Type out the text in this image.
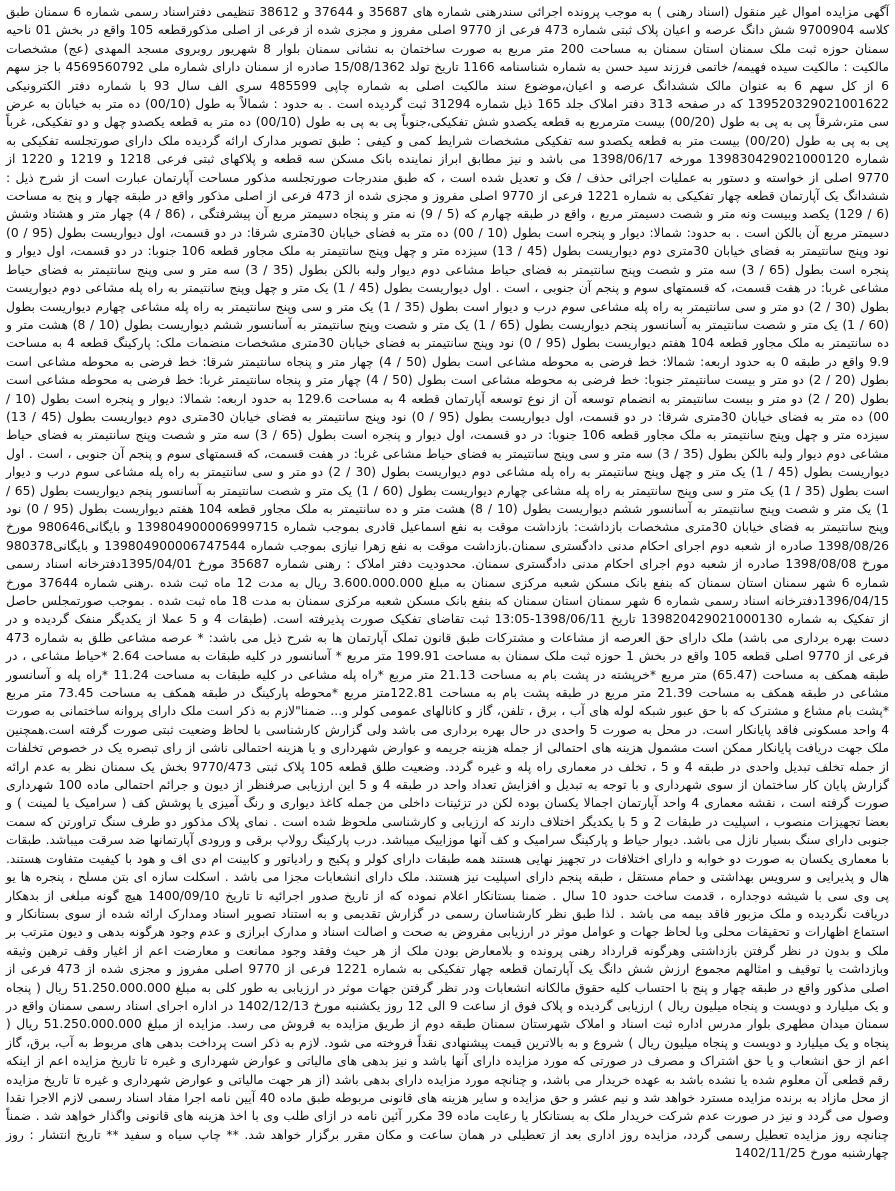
آگهی مزایده اموال غیر منقول (اسناد رهنی ) به موجب پرونده اجرائی سندرهنی شماره های 35687 و 37644 و 38612 تنظیمی دفتراسناد رسمی شماره 6 سمنان طبق کلاسه 9700904 شش دانگ عرصه و اعیان پلاک ثبتی شماره 473 فرعی از 9770 اصلی مفروز و مجزی شده از فرعی از اصلی مذکورقطعه 105 واقع در بخش 01 ناحیه سمنان حوزه ثبت ملک سمنان استان سمنان به مساحت 200 متر مربع به صورت ساختمان به نشانی سمنان بلوار 8 شهریور روبروی مسجد المهدی (عج) مشخصات مالکیت : مالکیت سیده فهیمه/ خاتمی فرزند سید حسن به شماره شناسنامه 1166 تاریخ تولد 15/08/1362 صادره از سمنان دارای شماره ملی 4569560792 با جز سهم 6 از کل سهم 6 به عنوان مالک ششدانگ عرصه و اعیان،موضوع سند مالکیت اصلی به شماره چاپی 485599 سری الف سال 93 با شماره دفتر الکترونیکی 139520329021001622 که در صفحه 313 دفتر املاک جلد 165 ذیل شماره 31294 ثبت گردیده است . به حدود : شمالاً به طول (00/10) ده متر به خیابان به عرض سی متر،شرقاً پی به پی به طول (00/20) بیست مترمربع به قطعه یکصدو شش تفکیکی،جنوباً پی به پی به طول (00/10) ده متر به قطعه یکصدو چهل و دو تفکیکی، غرباً پی به پی به طول (00/20) بیست متر به قطعه یکصدو سه تفکیکی مشخصات شرایط کمی و کیفی : طبق تصویر مدارک ارائه گردیده ملک دارای صورتجلسه تفکیکی به شماره 139830429021000120 مورخه 1398/06/17 می باشد و نیز مطابق ابراز نماینده بانک مسکن سه قطعه و پلاکهای ثبتی فرعی 1218 و 1219 و 1220 از 9770 اصلی از خواسته و دستور به عملیات اجرائی حذف / فک و تعدیل شده است ، که طبق مندرجات صورتجلسه مذکور مساحت آپارتمان عبارت است از شرح ذیل : ششدانگ یک آپارتمان قطعه چهار تفکیکی به شماره 1221 فرعی از 9770 اصلی مفروز و مجزی شده از 473 فرعی از اصلی مذکور واقع در طبقه چهار و پنج به مساحت (6 / 129) یکصد وبیست ونه متر و شصت دسیمتر مربع ، واقع در طبقه چهارم که (5 / 9) نه متر و پنجاه دسیمتر مربع آن پیشرفتگی ، (86 / 4) چهار متر و هشتاد وشش دسیمتر مربع آن بالکن است . به حدود: شمالا: دیوار و پنجره است بطول (10 / 00) ده متر به فضای خیابان 30متری شرقا: در دو قسمت، اول دیواریست بطول (95 / 0) نود وپنج سانتیمتر به فضای خیابان 30متری دوم دیواریست بطول (45 / 13) سیزده متر و چهل وپنج سانتیمتر به ملک مجاور قطعه 106 جنوبا: در دو قسمت، اول دیوار و پنجره است بطول (65 / 3) سه متر و شصت وپنج سانتیمتر به فضای حیاط مشاعی دوم دیوار ولبه بالکن بطول (35 / 3) سه متر و سی وپنج سانتیمتر به فضای حیاط مشاعی غربا: در هفت قسمت، که قسمتهای سوم و پنجم آن جنوبی ، است . اول دیواریست بطول (45 / 1) یک متر و چهل وپنج سانتیمتر به راه پله مشاعی دوم دیواریست بطول (30 / 2) دو متر و سی سانتیمتر به راه پله مشاعی سوم درب و دیوار است بطول (35 / 1) یک متر و سی وپنج سانتیمتر به راه پله مشاعی چهارم دیواریست بطول (60 / 1) یک متر و شصت سانتیمتر به آسانسور پنجم دیواریست بطول (65 / 1) یک متر و شصت وپنج سانتیمتر به آسانسور ششم دیواریست بطول (10 / 8) هشت متر و ده سانتیمتر به ملک مجاور قطعه 104 هفتم دیواریست بطول (95 / 0) نود وپنج سانتیمتر به فضای خیابان 30متری مشخصات منضمات ملک: پارکینگ قطعه 4 به مساحت 9.9 واقع در طبقه 0 به حدود اربعه: شمالا: خط فرضی به محوطه مشاعی است بطول (50 / 4) چهار متر و پنجاه سانتیمتر شرقا: خط فرضی به محوطه مشاعی است بطول (20 / 2) دو متر و بیست سانتیمتر جنوبا: خط فرضی به محوطه مشاعی است بطول (50 / 4) چهار متر و پنجاه سانتیمتر غربا: خط فرضی به محوطه مشاعی است بطول (20 / 2) دو متر و بیست سانتیمتر به انضمام توسعه آن از نوع توسعه آپارتمان قطعه 4 به مساحت 129.6 به حدود اربعه: شمالا: دیوار و پنجره است بطول (10 / 00) ده متر به فضای خیابان 30متری شرقا: در دو قسمت، اول دیواریست بطول (95 / 0) نود وپنج سانتیمتر به فضای خیابان 30متری دوم دیواریست بطول (45 / 13) سیزده متر و چهل وپنج سانتیمتر به ملک مجاور قطعه 106 جنوبا: در دو قسمت، اول دیوار و پنجره است بطول (65 / 3) سه متر و شصت وپنج سانتیمتر به فضای حیاط مشاعی دوم دیوار ولبه بالکن بطول (35 / 3) سه متر و سی وپنج سانتیمتر به فضای حیاط مشاعی غربا: در هفت قسمت، که قسمتهای سوم و پنجم آن جنوبی ، است . اول دیواریست بطول (45 / 1) یک متر و چهل وپنج سانتیمتر به راه پله مشاعی دوم دیواریست بطول (30 / 2) دو متر و سی سانتیمتر به راه پله مشاعی سوم درب و دیوار است بطول (35 / 1) یک متر و سی وپنج سانتیمتر به راه پله مشاعی چهارم دیواریست بطول (60 / 1) یک متر و شصت سانتیمتر به آسانسور پنجم دیواریست بطول (65 / 1) یک متر و شصت وپنج سانتیمتر به آسانسور ششم دیواریست بطول (10 / 8) هشت متر و ده سانتیمتر به ملک مجاور قطعه 104 هفتم دیواریست بطول (95 / 0) نود وپنج سانتیمتر به فضای خیابان 30متری مشخصات بازداشت: بازداشت موقت به نفع اسماعیل قادری بموجب شماره 139804900006999715 و بایگانی980646 مورخ 1398/08/26 صادره از شعبه دوم اجرای احکام مدنی دادگستری سمنان.بازداشت موقت به نفع زهرا نیازی بموجب شماره 139804900006747544 و بایگانی980378 مورخ 1398/08/08 صادره از شعبه دوم اجرای احکام مدنی دادگستری سمنان. محدودیت دفتر املاک : رهنی شماره 35687 مورخ 1395/04/01دفترخانه اسناد رسمی شماره 6 شهر سمنان استان سمنان که بنفع بانک مسکن شعبه مرکزی سمنان به مبلغ 3.600.000.000 ریال به مدت 12 ماه ثبت شده .رهنی شماره 37644 مورخ 1396/04/15دفترخانه اسناد رسمی شماره 6 شهر سمنان استان سمنان که بنفع بانک مسکن شعبه مرکزی سمنان به مدت 18 ماه ثبت شده . بموجب صورتمجلس حاصل از تفکیک به شماره 139820429021000130 تاریخ 1398/06/11-13:05 ثبت تقاضای تفکیک صورت پذیرفته است. (طبقات 4 و 5 عملا از یکدیگر منفک گردیده و در دست بهره برداری می باشد) ملک دارای حق العرصه از مشاعات و مشترکات طبق قانون تملک آپارتمان ها به شرح ذیل می باشد: * عرصه مشاعی طلق به شماره 473 فرعی از 9770 اصلی قطعه 105 واقع در بخش 1 حوزه ثبت ملک سمنان به مساحت 199.91 متر مربع * آسانسور در کلیه طبقات به مساحت 2.64 *حیاط مشاعی ، در طبقه همکف به مساحت (65.47) متر مربع *خرپشته در پشت بام به مساحت 21.13 متر مربع *راه پله مشاعی در کلیه طبقات به مساحت 11.24 *راه پله و آسانسور مشاعی در طبقه همکف به مساحت 21.39 متر مربع در طبقه پشت بام به مساحت 122.81متر مربع *محوطه پارکینگ در طبقه همکف به مساحت 73.45 متر مربع *پشت بام مشاع و مشترک که با حق عبور شبکه لوله های آب ، برق ، تلفن، گاز و کانالهای عمومی کولر و... ضمنا"لازم به ذکر است ملک دارای پروانه ساختمانی به صورت 4 واحد مسکونی فاقد پایانکار است. در محل به صورت 5 واحدی در حال بهره برداری می باشد ولی گزارش کارشناسی با لحاظ وضعیت ثبتی صورت گرفته است.همچنین ملک جهت دریافت پایانکار ممکن است مشمول هزینه های احتمالی از جمله هزینه جریمه و عوارض شهرداری و یا هزینه احتمالی ناشی از رای تبصره یک در خصوص تخلفات از جمله تخلف تبدیل واحدی در طبقه 4 و 5 ، تخلف در معماری راه پله و غیره گردد. وضعیت طلق قطعه 105 پلاک ثبتی 9770/473 بخش یک سمنان نظر به عدم ارائه گزارش پایان کار ساختمان از سوی شهرداری و با توجه به تبدیل و افزایش تعداد واحد در طبقه 4 و 5 این ارزیابی صرفنظر از دیون و جرائم احتمالی ماده 100 شهرداری صورت گرفته است ، نقشه معماری 4 واحد آپارتمان اجمالا یکسان بوده لکن در تزئینات داخلی من جمله کاغذ دیواری و رنگ آمیزی یا پوشش کف ( سرامیک یا لمینت ) و بعضا تجهیزات منصوب ، اسپلیت در طبقات 2 و 5 با یکدیگر اختلاف دارند که ارزیابی و کارشناسی ملحوظ شده است . نمای پلاک مذکور دو طرف سنگ تراورتن که سمت جنوبی دارای سنگ بسیار نازل می باشد. دیوار حیاط و پارکینگ سرامیک و کف آنها موزاییک میباشد. درب پارکینگ رولاپ برقی و ورودی آپارتمانها ضد سرقت میباشد. طبقات با معماری یکسان به صورت دو خوابه و دارای اختلافات در تجهیز نهایی هستند همه طبقات دارای کولر و پکیج و رادیاتور و کابینت ام دی اف و هود با کیفیت متفاوت هستند. هال و پذیرایی و سرویس بهداشتی و حمام مستقل ، طبقه پنجم دارای اسپلیت نیز هستند. ملک دارای انشعابات مجزا می باشد . اسکلت سازه ای بتن مسلح ، پنجره ها یو پی وی سی با شیشه دوجداره ، قدمت ساخت حدود 10 سال . ضمنا بستانکار اعلام نموده که از تاریخ صدور اجرائیه تا تاریخ 1400/09/10 هیچ گونه مبلغی از بدهکار دریافت نگردیده و ملک مزبور فاقد بیمه می باشد . لذا طبق نظر کارشناسان رسمی در گزارش تقدیمی و به استناد تصویر اسناد ومدارک ارائه شده از سوی بستانکار و استماع اظهارات و تحقیقات محلی وبا لحاظ جهات و عوامل موثر در ارزیابی مفروض به صحت و اصالت اسناد و مدارک ابرازی و عدم وجود هرگونه بدهی و دیون مترتب بر ملک و بدون در نظر گرفتن بازداشتی وهرگونه قرارداد رهنی پرونده و بلامعارض بودن ملک از هر حیث وفقد وجود ممانعت و معارضت اعم از اغیار وقف ترهین وثیقه وبازداشت یا توقیف و امثالهم مجموع ارزش شش دانگ یک آپارتمان قطعه چهار تفکیکی به شماره 1221 فرعی از 9770 اصلی مفروز و مجزی شده از 473 فرعی از اصلی مذکور واقع در طبقه چهار و پنج با احتساب کلیه حقوق مالکانه انشعابات ودر نظر گرفتن جهات موثر در ارزیابی به طور کلی به مبلغ 51.250.000.000 ریال ( پنجاه و یک میلیارد و دویست و پنجاه میلیون ریال ) ارزیابی گردیده و پلاک فوق از ساعت 9 الی 12 روز یکشنبه مورخ 1402/12/13 در اداره اجرای اسناد رسمی سمنان واقع در سمنان میدان مطهری بلوار مدرس اداره ثبت اسناد و املاک شهرستان سمنان طبقه دوم از طریق مزایده به فروش می رسد. مزایده از مبلغ 51.250.000.000 ریال ( پنجاه و یک میلیارد و دویست و پنجاه میلیون ریال ) شروع و به بالاترین قیمت پیشنهادی نقداً فروخته می شود. لازم به ذکر است پرداخت بدهی های مربوط به آب، برق، گاز اعم از حق انشعاب و یا حق اشتراک و مصرف در صورتی که مورد مزایده دارای آنها باشد و نیز بدهی های مالیاتی و عوارض شهرداری و غیره تا تاریخ مزایده اعم از اینکه رقم قطعی آن معلوم شده یا نشده باشد به عهده خریدار می باشد، و چنانچه مورد مزایده دارای بدهی باشد (از هر جهت مالیاتی و عوارض شهرداری و غیره تا تاریخ مزایده از محل مازاد به برنده مزایده مسترد خواهد شد و نیم عشر و حق مزایده و سایر هزینه های قانونی مربوطه طبق ماده 40 آیین نامه اجرا مفاد اسناد رسمی لازم الاجرا نقدا وصول می گردد و نیز در صورت عدم شرکت خریدار ملک به بستانکار یا رعایت ماده 39 مکرر آئین نامه در ازای طلب وی با اخذ هزینه های قانونی واگذار خواهد شد . ضمناً چنانچه روز مزایده تعطیل رسمی گردد، مزایده روز اداری بعد از تعطیلی در همان ساعت و مکان مقرر برگزار خواهد شد. ** چاپ سیاه و سفید ** تاریخ انتشار : روز چهارشنبه مورخ 1402/11/25
